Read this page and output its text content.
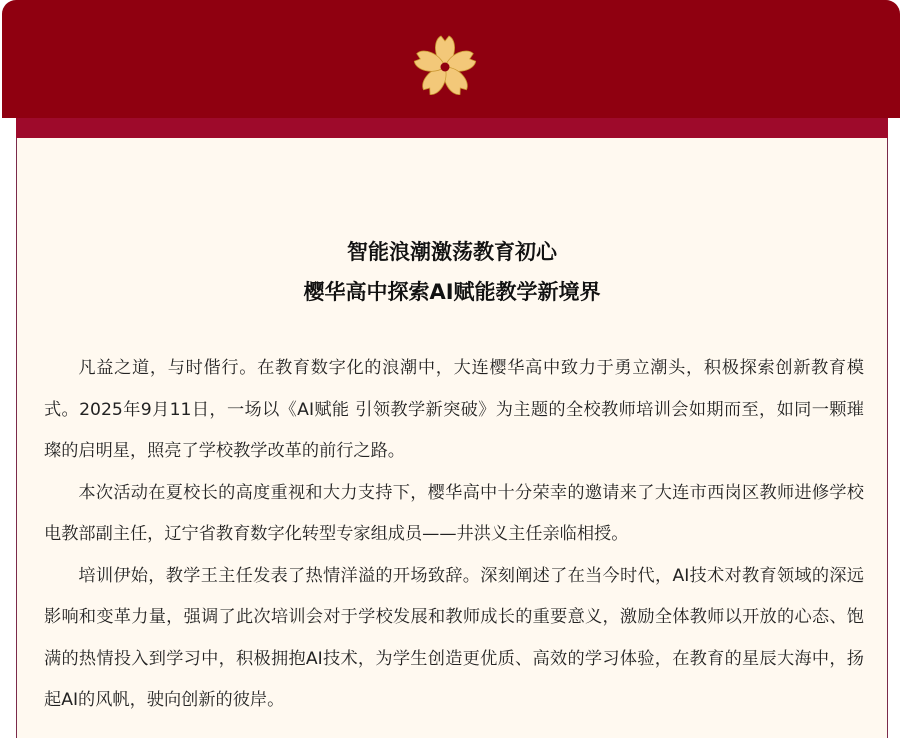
智能浪潮激荡教育初心
樱华高中探索AI赋能教学新境界

凡益之道，与时偕行。在教育数字化的浪潮中，大连樱华高中致力于勇立潮头，积极探索创新教育模式。2025年9月11日，一场以《AI赋能 引领教学新突破》为主题的全校教师培训会如期而至，如同一颗璀璨的启明星，照亮了学校教学改革的前行之路。

本次活动在夏校长的高度重视和大力支持下，樱华高中十分荣幸的邀请来了大连市西岗区教师进修学校电教部副主任，辽宁省教育数字化转型专家组成员——井洪义主任亲临相授。

培训伊始，教学王主任发表了热情洋溢的开场致辞。深刻阐述了在当今时代，AI技术对教育领域的深远影响和变革力量，强调了此次培训会对于学校发展和教师成长的重要意义，激励全体教师以开放的心态、饱满的热情投入到学习中，积极拥抱AI技术，为学生创造更优质、高效的学习体验，在教育的星辰大海中，扬起AI的风帆，驶向创新的彼岸。
